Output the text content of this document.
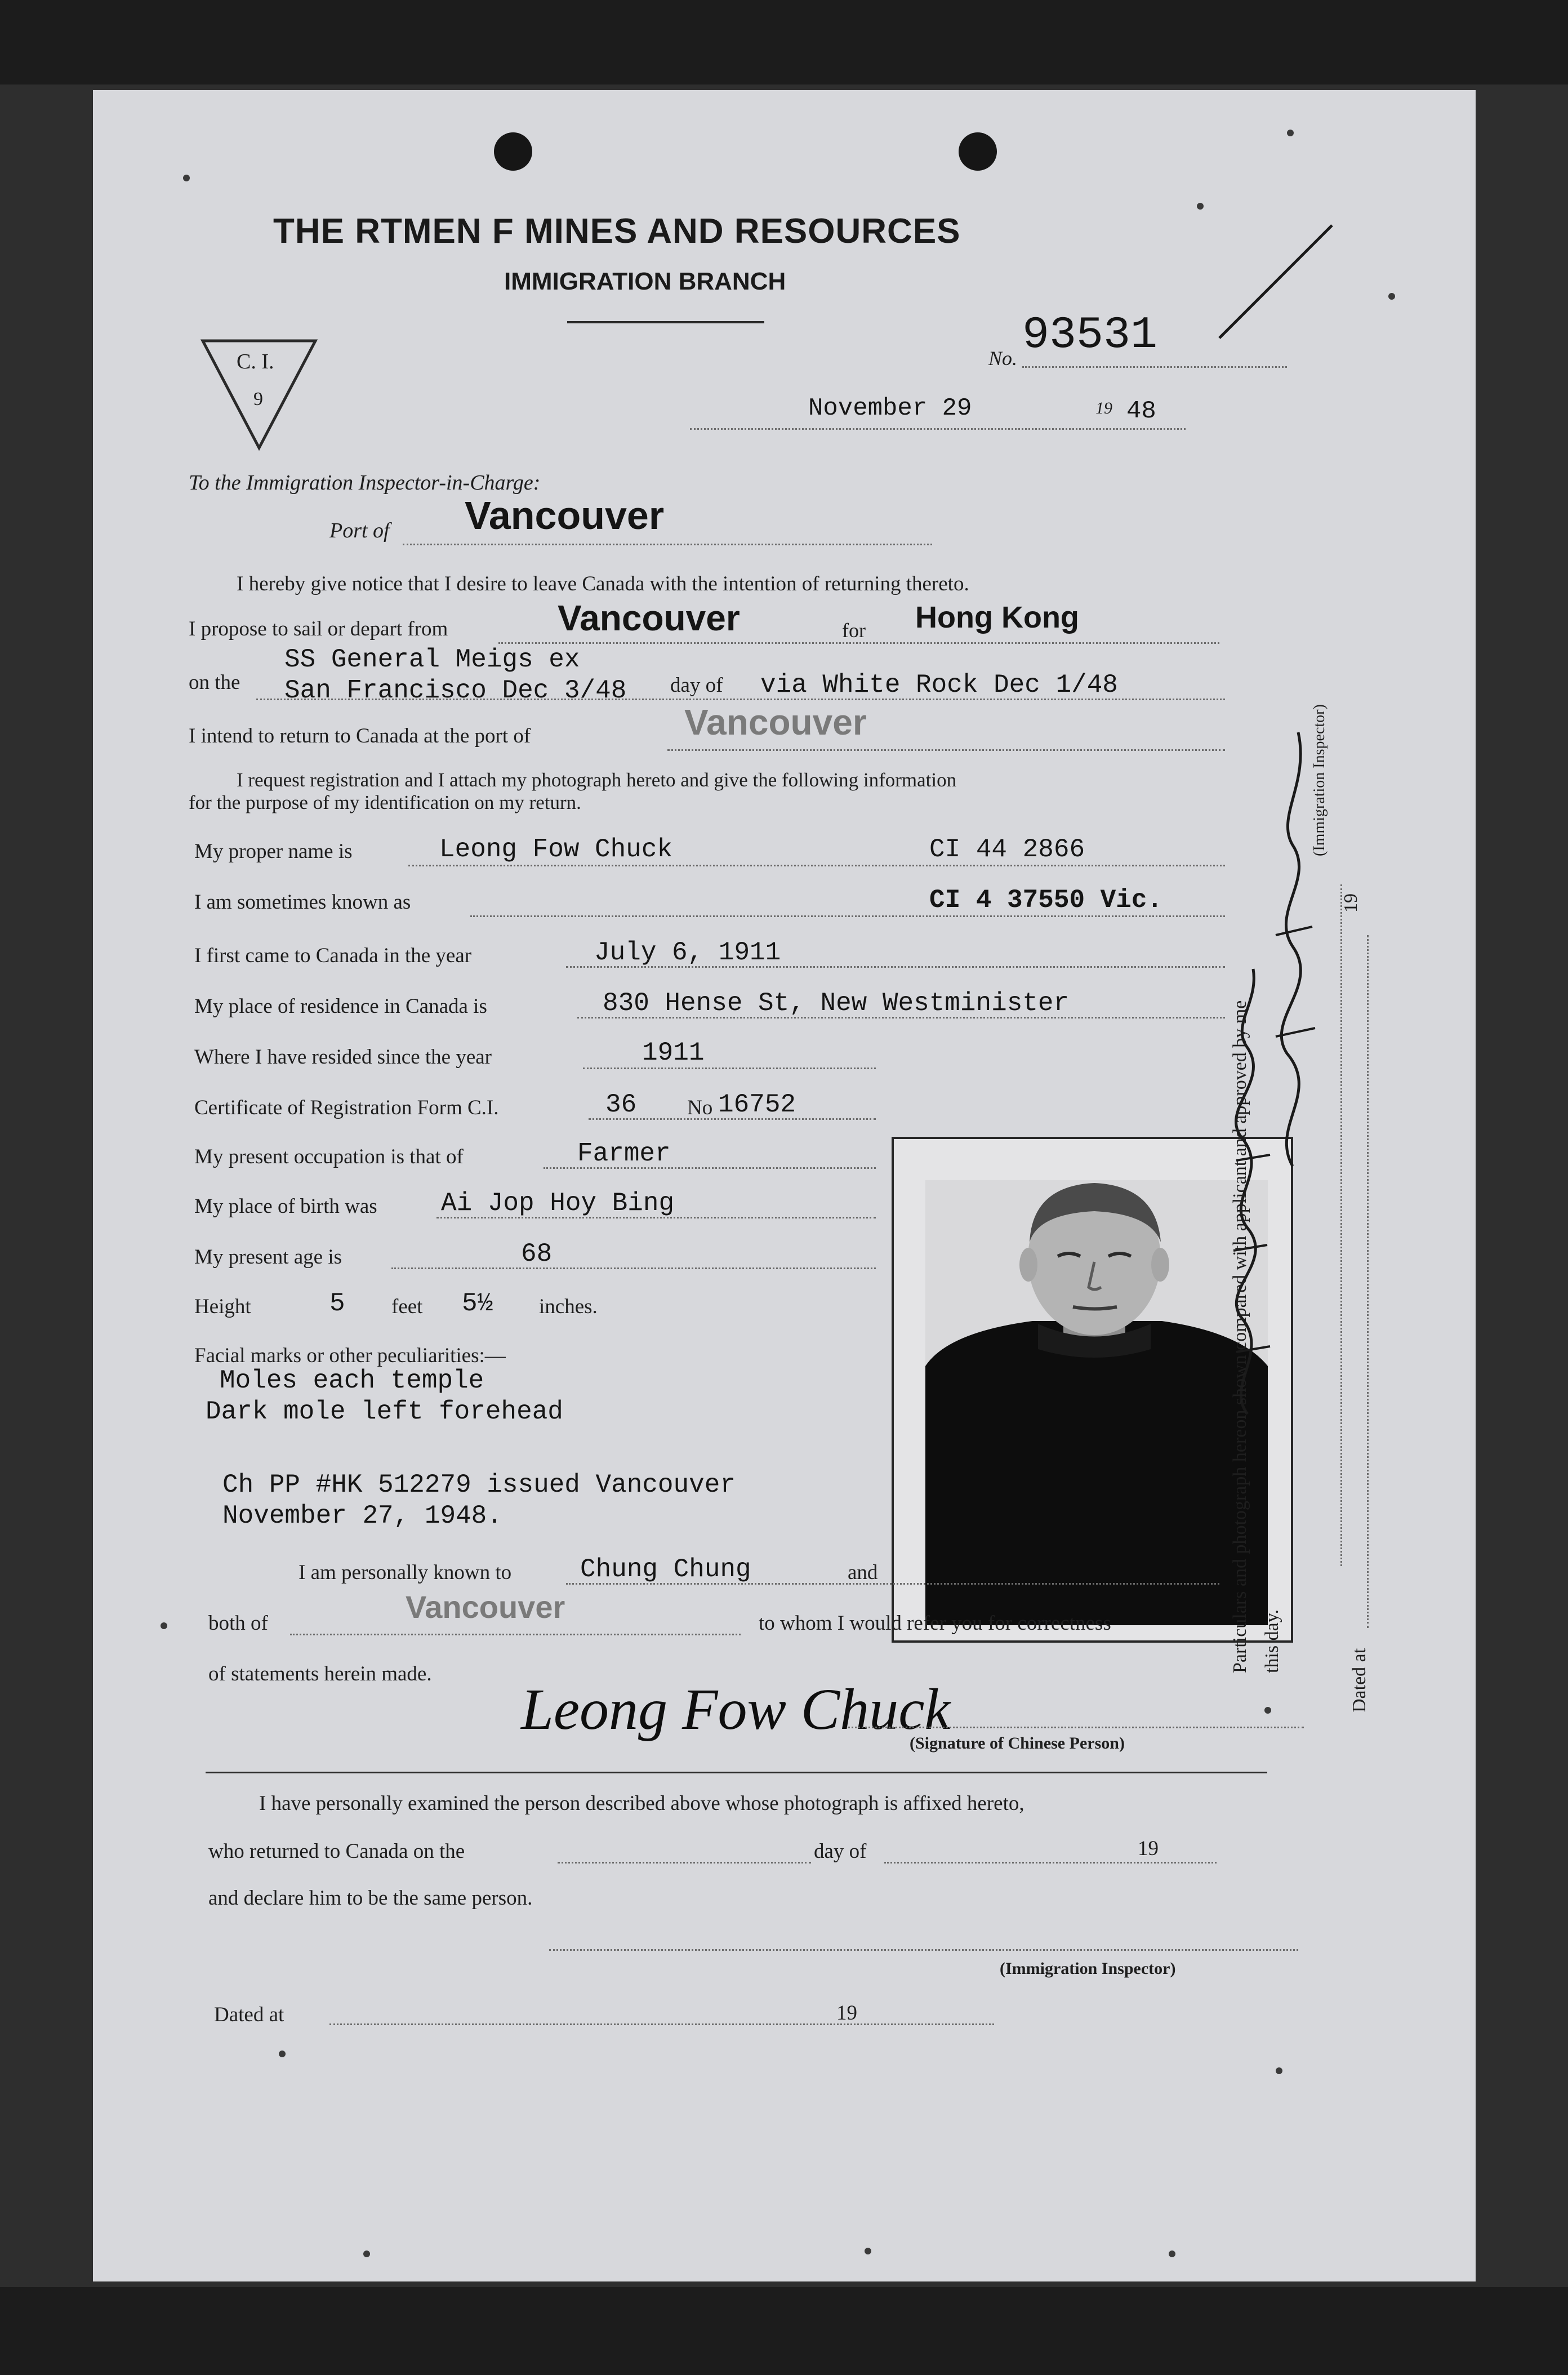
THE RTMEN F MINES AND RESOURCES
IMMIGRATION BRANCH
C. I.
9
No. 93531
November 29	19 48
To the Immigration Inspector-in-Charge:
Port of Vancouver
I hereby give notice that I desire to leave Canada with the intention of returning thereto.
I propose to sail or depart from	Vancouver	for Hong Kong
SS General Meigs ex
on the San Francisco Dec 3/48 day of via White Rock Dec 1/48
I intend to return to Canada at the port of	Vancouver
I request registration and I attach my photograph hereto and give the following information
for the purpose of my identification on my return.
My proper name is	Leong Fow Chuck	CI 44 2866
I am sometimes known as	CI 4 37550 Vic.
I first came to Canada in the year	July 6, 1911
My place of residence in Canada is	830 Hense St, New Westminister
Where I have resided since the year	1911
Certificate of Registration Form C.I.	36 No 16752
My present occupation is that of	Farmer
My place of birth was Ai Jop Hoy Bing
My present age is	68
Height	5 feet 5½ inches.
Facial marks or other peculiarities:—
Moles each temple
Dark mole left forehead
Ch PP #HK 512279 issued Vancouver
November 27, 1948.	Particulars and photograph hereon shown compared with applicant and approved by me this day.
(Immigration Inspector)
19
Dated at
I am personally known to	Chung Chung	and
both of	Vancouver	to whom I would refer you for correctness
of statements herein made.
Leong Fow Chuck
(Signature of Chinese Person)
I have personally examined the person described above whose photograph is affixed hereto,
who returned to Canada on the	day of	19
and declare him to be the same person.
(Immigration Inspector)
Dated at	19
